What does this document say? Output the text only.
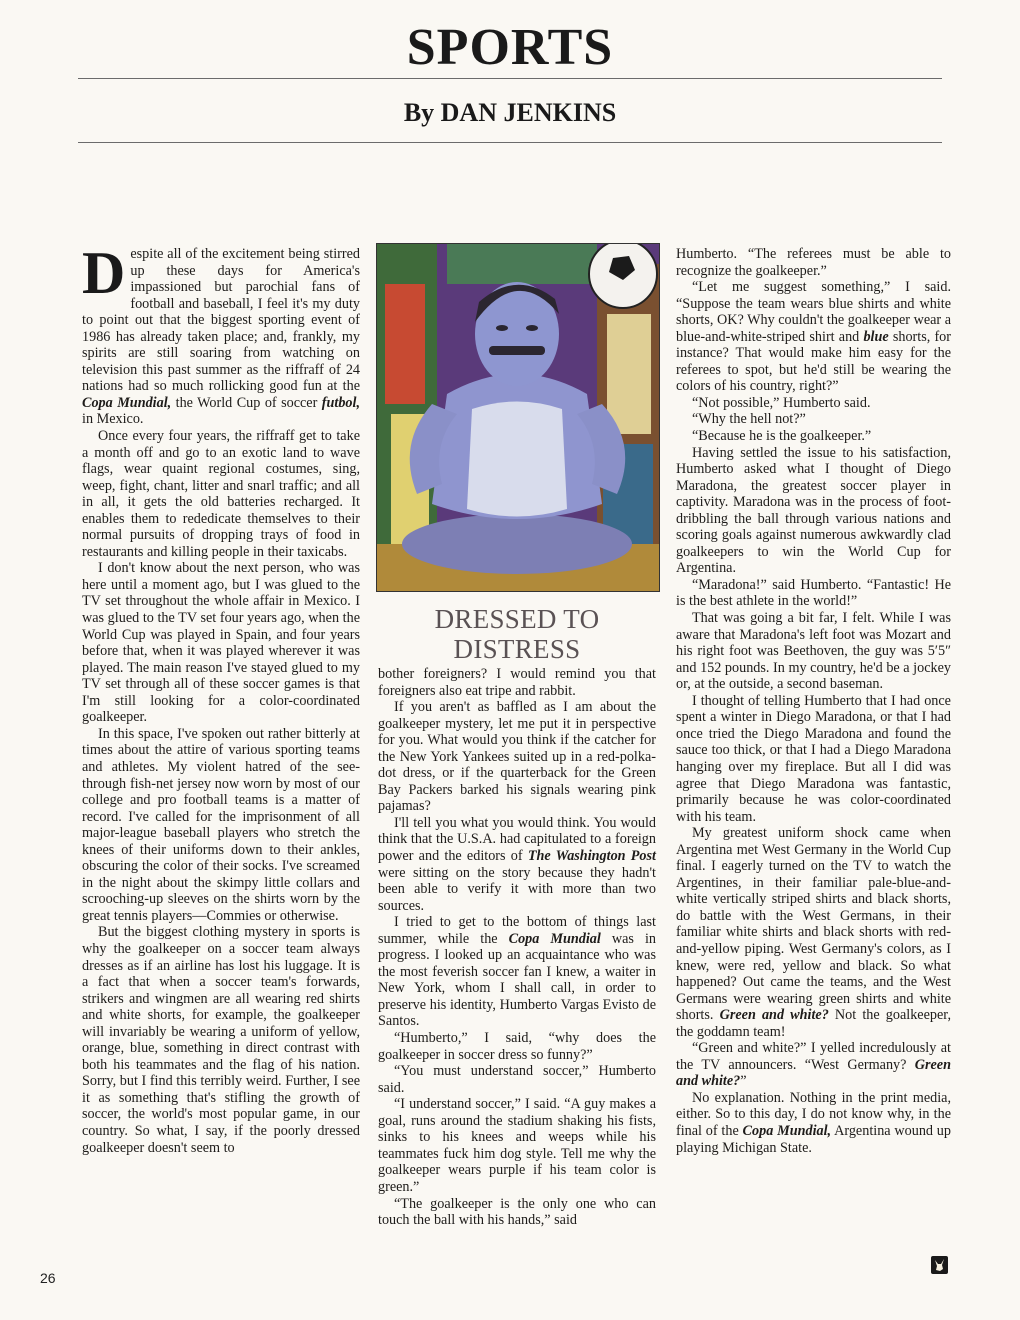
SPORTS
By DAN JENKINS

Despite all of the excitement being stirred up these days for America's impassioned but parochial fans of football and baseball, I feel it's my duty to point out that the biggest sporting event of 1986 has already taken place; and, frankly, my spirits are still soaring from watching on television this past summer as the riffraff of 24 nations had so much rollicking good fun at the Copa Mundial, the World Cup of soccer futbol, in Mexico.

Once every four years, the riffraff get to take a month off and go to an exotic land to wave flags, wear quaint regional costumes, sing, weep, fight, chant, litter and snarl traffic; and all in all, it gets the old batteries recharged. It enables them to rededicate themselves to their normal pursuits of dropping trays of food in restaurants and killing people in their taxicabs.

I don't know about the next person, who was here until a moment ago, but I was glued to the TV set throughout the whole affair in Mexico. I was glued to the TV set four years ago, when the World Cup was played in Spain, and four years before that, when it was played wherever it was played. The main reason I've stayed glued to my TV set through all of these soccer games is that I'm still looking for a color-coordinated goalkeeper.

In this space, I've spoken out rather bitterly at times about the attire of various sporting teams and athletes. My violent hatred of the see-through fish-net jersey now worn by most of our college and pro football teams is a matter of record. I've called for the imprisonment of all major-league baseball players who stretch the knees of their uniforms down to their ankles, obscuring the color of their socks. I've screamed in the night about the skimpy little collars and scrooching-up sleeves on the shirts worn by the great tennis players—Commies or otherwise.

But the biggest clothing mystery in sports is why the goalkeeper on a soccer team always dresses as if an airline has lost his luggage. It is a fact that when a soccer team's forwards, strikers and wingmen are all wearing red shirts and white shorts, for example, the goalkeeper will invariably be wearing a uniform of yellow, orange, blue, something in direct contrast with both his teammates and the flag of his nation. Sorry, but I find this terribly weird. Further, I see it as something that's stifling the growth of soccer, the world's most popular game, in our country. So what, I say, if the poorly dressed goalkeeper doesn't seem to

DRESSED TO
DISTRESS

bother foreigners? I would remind you that foreigners also eat tripe and rabbit.

If you aren't as baffled as I am about the goalkeeper mystery, let me put it in perspective for you. What would you think if the catcher for the New York Yankees suited up in a red-polka-dot dress, or if the quarterback for the Green Bay Packers barked his signals wearing pink pajamas?

I'll tell you what you would think. You would think that the U.S.A. had capitulated to a foreign power and the editors of The Washington Post were sitting on the story because they hadn't been able to verify it with more than two sources.

I tried to get to the bottom of things last summer, while the Copa Mundial was in progress. I looked up an acquaintance who was the most feverish soccer fan I knew, a waiter in New York, whom I shall call, in order to preserve his identity, Humberto Vargas Evisto de Santos.

“Humberto,” I said, “why does the goalkeeper in soccer dress so funny?”

“You must understand soccer,” Humberto said.

“I understand soccer,” I said. “A guy makes a goal, runs around the stadium shaking his fists, sinks to his knees and weeps while his teammates fuck him dog style. Tell me why the goalkeeper wears purple if his team color is green.”

“The goalkeeper is the only one who can touch the ball with his hands,” said

Humberto. “The referees must be able to recognize the goalkeeper.”

“Let me suggest something,” I said. “Suppose the team wears blue shirts and white shorts, OK? Why couldn't the goalkeeper wear a blue-and-white-striped shirt and blue shorts, for instance? That would make him easy for the referees to spot, but he'd still be wearing the colors of his country, right?”

“Not possible,” Humberto said.

“Why the hell not?”

“Because he is the goalkeeper.”

Having settled the issue to his satisfaction, Humberto asked what I thought of Diego Maradona, the greatest soccer player in captivity. Maradona was in the process of foot-dribbling the ball through various nations and scoring goals against numerous awkwardly clad goalkeepers to win the World Cup for Argentina.

“Maradona!” said Humberto. “Fantastic! He is the best athlete in the world!”

That was going a bit far, I felt. While I was aware that Maradona's left foot was Mozart and his right foot was Beethoven, the guy was 5′5″ and 152 pounds. In my country, he'd be a jockey or, at the outside, a second baseman.

I thought of telling Humberto that I had once spent a winter in Diego Maradona, or that I had once tried the Diego Maradona and found the sauce too thick, or that I had a Diego Maradona hanging over my fireplace. But all I did was agree that Diego Maradona was fantastic, primarily because he was color-coordinated with his team.

My greatest uniform shock came when Argentina met West Germany in the World Cup final. I eagerly turned on the TV to watch the Argentines, in their familiar pale-blue-and-white vertically striped shirts and black shorts, do battle with the West Germans, in their familiar white shirts and black shorts with red-and-yellow piping. West Germany's colors, as I knew, were red, yellow and black. So what happened? Out came the teams, and the West Germans were wearing green shirts and white shorts. Green and white? Not the goalkeeper, the goddamn team!

“Green and white?” I yelled incredulously at the TV announcers. “West Germany? Green and white?”

No explanation. Nothing in the print media, either. So to this day, I do not know why, in the final of the Copa Mundial, Argentina wound up playing Michigan State.

26
